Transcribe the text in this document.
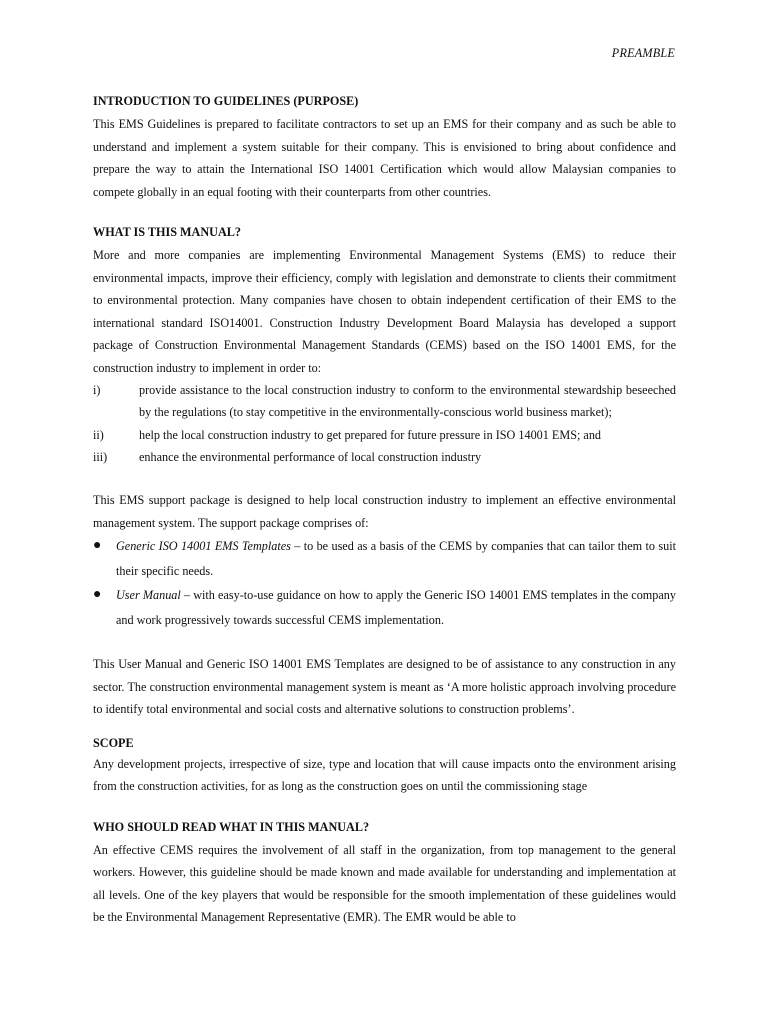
PREAMBLE
INTRODUCTION TO GUIDELINES (PURPOSE)

This EMS Guidelines is prepared to facilitate contractors to set up an EMS for their company and as such be able to understand and implement a system suitable for their company. This is envisioned to bring about confidence and prepare the way to attain the International ISO 14001 Certification which would allow Malaysian companies to compete globally in an equal footing with their counterparts from other countries.

WHAT IS THIS MANUAL?

More and more companies are implementing Environmental Management Systems (EMS) to reduce their environmental impacts, improve their efficiency, comply with legislation and demonstrate to clients their commitment to environmental protection. Many companies have chosen to obtain independent certification of their EMS to the international standard ISO14001. Construction Industry Development Board Malaysia has developed a support package of Construction Environmental Management Standards (CEMS) based on the ISO 14001 EMS, for the construction industry to implement in order to:

i)	provide assistance to the local construction industry to conform to the environmental stewardship beseeched by the regulations (to stay competitive in the environmentally-conscious world business market);
ii)	help the local construction industry to get prepared for future pressure in ISO 14001 EMS; and
iii)	enhance the environmental performance of local construction industry

This EMS support package is designed to help local construction industry to implement an effective environmental management system. The support package comprises of:

●	Generic ISO 14001 EMS Templates – to be used as a basis of the CEMS by companies that can tailor them to suit their specific needs.
●	User Manual – with easy-to-use guidance on how to apply the Generic ISO 14001 EMS templates in the company and work progressively towards successful CEMS implementation.

This User Manual and Generic ISO 14001 EMS Templates are designed to be of assistance to any construction in any sector. The construction environmental management system is meant as ‘A more holistic approach involving procedure to identify total environmental and social costs and alternative solutions to construction problems’.

SCOPE

Any development projects, irrespective of size, type and location that will cause impacts onto the environment arising from the construction activities, for as long as the construction goes on until the commissioning stage

WHO SHOULD READ WHAT IN THIS MANUAL?

An effective CEMS requires the involvement of all staff in the organization, from top management to the general workers. However, this guideline should be made known and made available for understanding and implementation at all levels. One of the key players that would be responsible for the smooth implementation of these guidelines would be the Environmental Management Representative (EMR). The EMR would be able to
